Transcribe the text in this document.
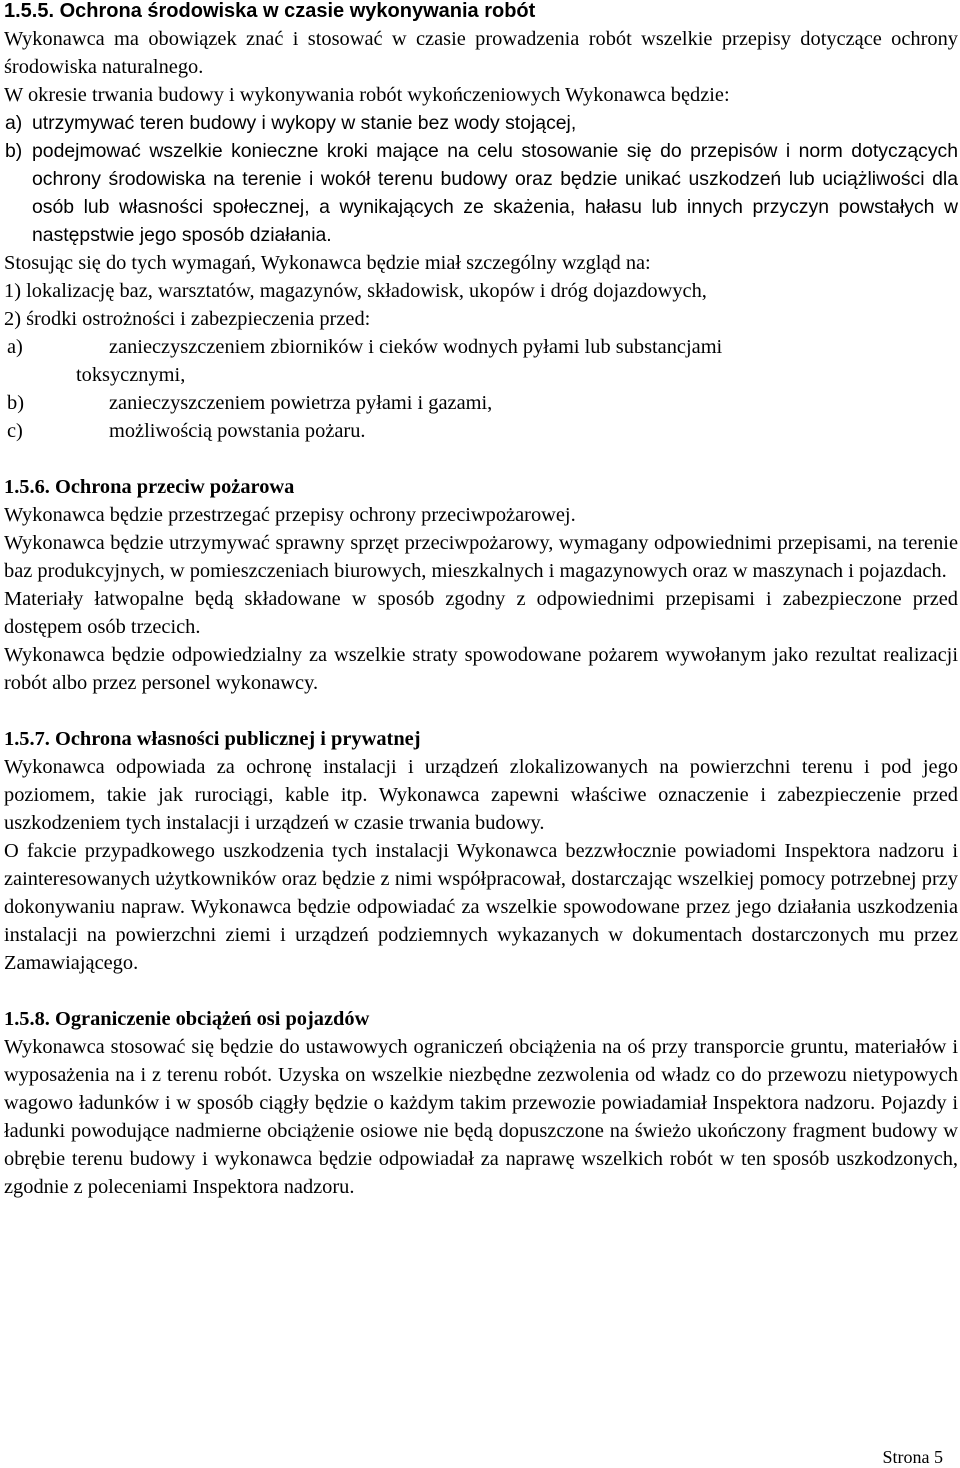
1.5.5. Ochrona środowiska w czasie wykonywania robót

Wykonawca ma obowiązek znać i stosować w czasie prowadzenia robót wszelkie przepisy dotyczące ochrony środowiska naturalnego.

W okresie trwania budowy i wykonywania robót wykończeniowych Wykonawca będzie:

a) utrzymywać teren budowy i wykopy w stanie bez wody stojącej,
b) podejmować wszelkie konieczne kroki mające na celu stosowanie się do przepisów i norm dotyczących ochrony środowiska na terenie i wokół terenu budowy oraz będzie unikać uszkodzeń lub uciążliwości dla osób lub własności społecznej, a wynikających ze skażenia, hałasu lub innych przyczyn powstałych w następstwie jego sposób działania.

Stosując się do tych wymagań, Wykonawca będzie miał szczególny wzgląd na:

1) lokalizację baz, warsztatów, magazynów, składowisk, ukopów i dróg dojazdowych,

2) środki ostrożności i zabezpieczenia przed:

a)	zanieczyszczeniem zbiorników i cieków wodnych pyłami lub substancjami

toksycznymi,

b)	zanieczyszczeniem powietrza pyłami i gazami,
c)	możliwością powstania pożaru.
1.5.6. Ochrona przeciw pożarowa

Wykonawca będzie przestrzegać przepisy ochrony przeciwpożarowej.

Wykonawca będzie utrzymywać sprawny sprzęt przeciwpożarowy, wymagany odpowiednimi przepisami, na terenie baz produkcyjnych, w pomieszczeniach biurowych, mieszkalnych i magazynowych oraz w maszynach i pojazdach.

Materiały łatwopalne będą składowane w sposób zgodny z odpowiednimi przepisami i zabezpieczone przed dostępem osób trzecich.

Wykonawca będzie odpowiedzialny za wszelkie straty spowodowane pożarem wywołanym jako rezultat realizacji robót albo przez personel wykonawcy.

1.5.7. Ochrona własności publicznej i prywatnej

Wykonawca odpowiada za ochronę instalacji i urządzeń zlokalizowanych na powierzchni terenu i pod jego poziomem, takie jak rurociągi, kable itp. Wykonawca zapewni właściwe oznaczenie i zabezpieczenie przed uszkodzeniem tych instalacji i urządzeń w czasie trwania budowy.

O fakcie przypadkowego uszkodzenia tych instalacji Wykonawca bezzwłocznie powiadomi Inspektora nadzoru i zainteresowanych użytkowników oraz będzie z nimi współpracował, dostarczając wszelkiej pomocy potrzebnej przy dokonywaniu napraw. Wykonawca będzie odpowiadać za wszelkie spowodowane przez jego działania uszkodzenia instalacji na powierzchni ziemi i urządzeń podziemnych wykazanych w dokumentach dostarczonych mu przez Zamawiającego.

1.5.8. Ograniczenie obciążeń osi pojazdów

Wykonawca stosować się będzie do ustawowych ograniczeń obciążenia na oś przy transporcie gruntu, materiałów i wyposażenia na i z terenu robót. Uzyska on wszelkie niezbędne zezwolenia od władz co do przewozu nietypowych wagowo ładunków i w sposób ciągły będzie o każdym takim przewozie powiadamiał Inspektora nadzoru. Pojazdy i ładunki powodujące nadmierne obciążenie osiowe nie będą dopuszczone na świeżo ukończony fragment budowy w obrębie terenu budowy i wykonawca będzie odpowiadał za naprawę wszelkich robót w ten sposób uszkodzonych, zgodnie z poleceniami Inspektora nadzoru.

Strona 5
